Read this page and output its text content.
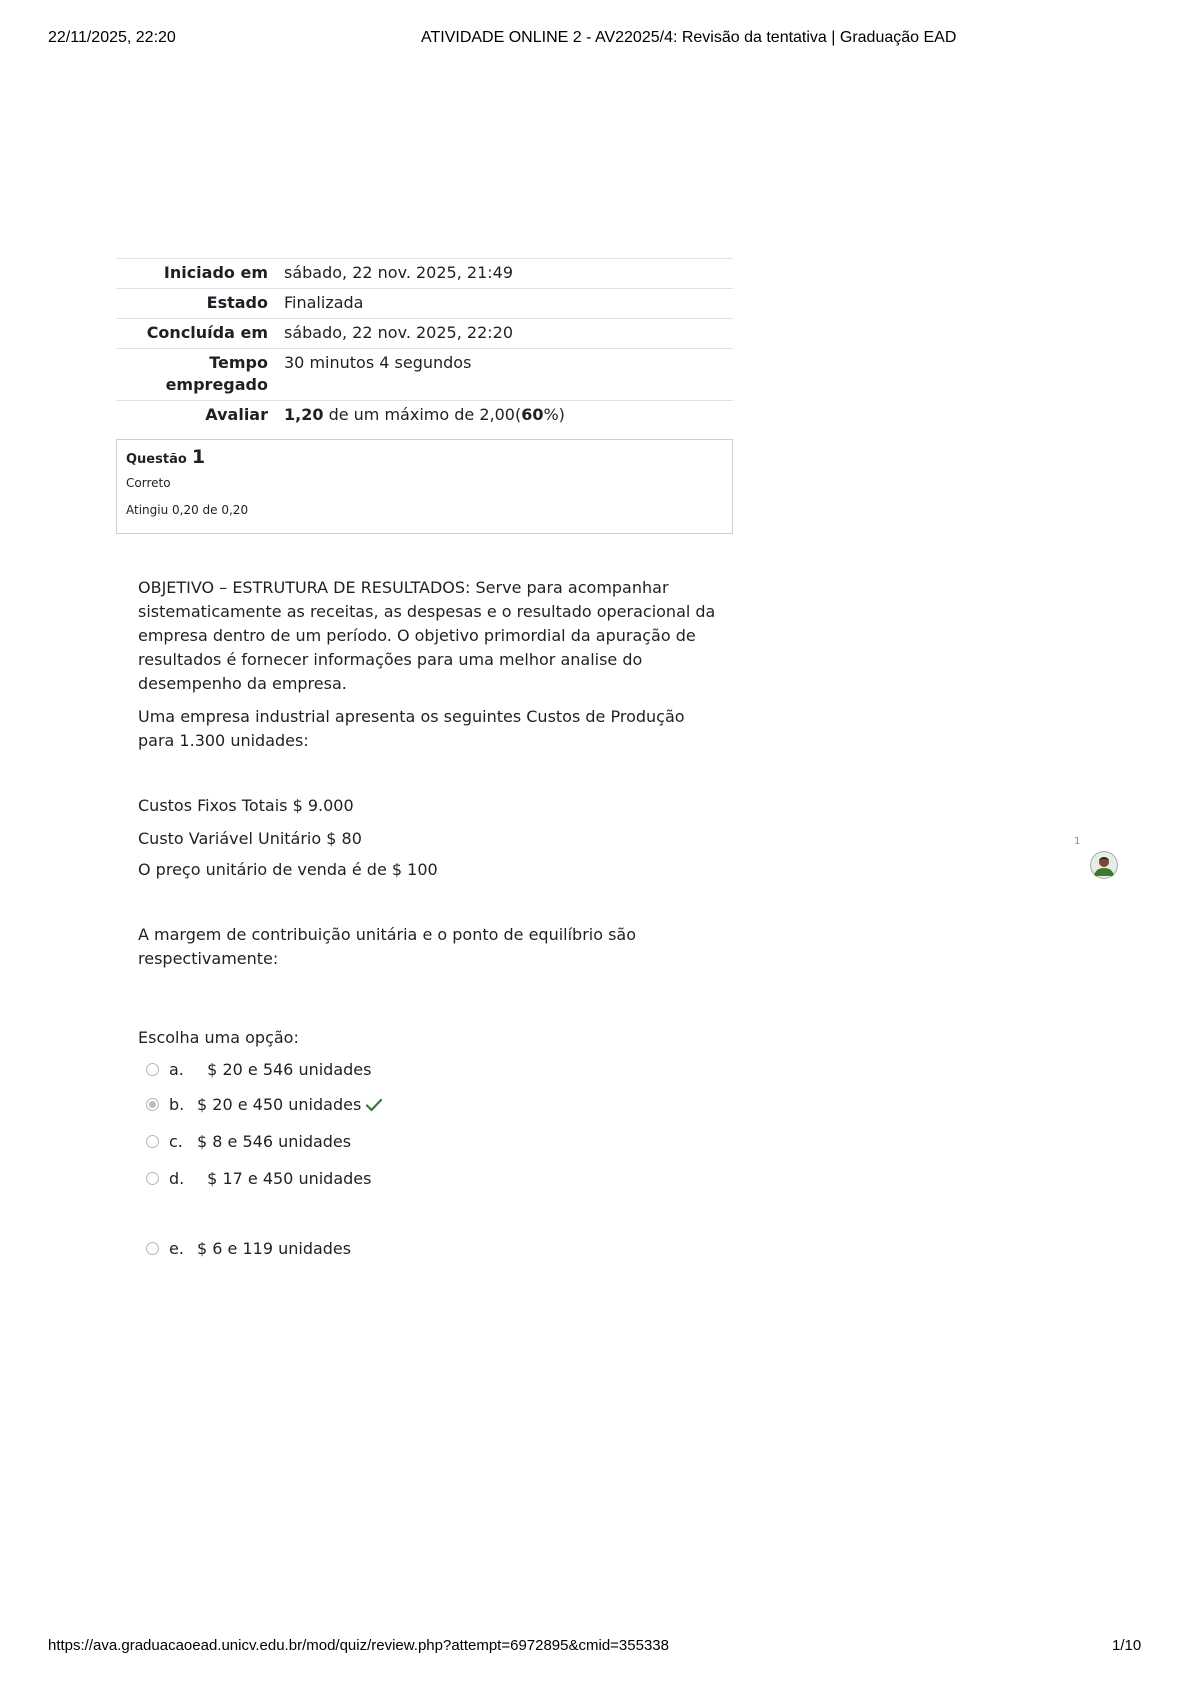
22/11/2025, 22:20	ATIVIDADE ONLINE 2 - AV22025/4: Revisão da tentativa | Graduação EAD
Iniciado em	sábado, 22 nov. 2025, 21:49
Estado	Finalizada
Concluída em	sábado, 22 nov. 2025, 22:20
Tempo empregado	30 minutos 4 segundos
Avaliar	1,20 de um máximo de 2,00(60%)
Questão 1
Correto
Atingiu 0,20 de 0,20

OBJETIVO – ESTRUTURA DE RESULTADOS: Serve para acompanhar sistematicamente as receitas, as despesas e o resultado operacional da empresa dentro de um período. O objetivo primordial da apuração de resultados é fornecer informações para uma melhor analise do desempenho da empresa.

Uma empresa industrial apresenta os seguintes Custos de Produção para 1.300 unidades:

Custos Fixos Totais $ 9.000

Custo Variável Unitário $ 80

O preço unitário de venda é de $ 100

A margem de contribuição unitária e o ponto de equilíbrio são respectivamente:

Escolha uma opção:

a. $ 20 e 546 unidades
b. $ 20 e 450 unidades
c. $ 8 e 546 unidades
d. $ 17 e 450 unidades
e. $ 6 e 119 unidades
1
https://ava.graduacaoead.unicv.edu.br/mod/quiz/review.php?attempt=6972895&cmid=355338	1/10
